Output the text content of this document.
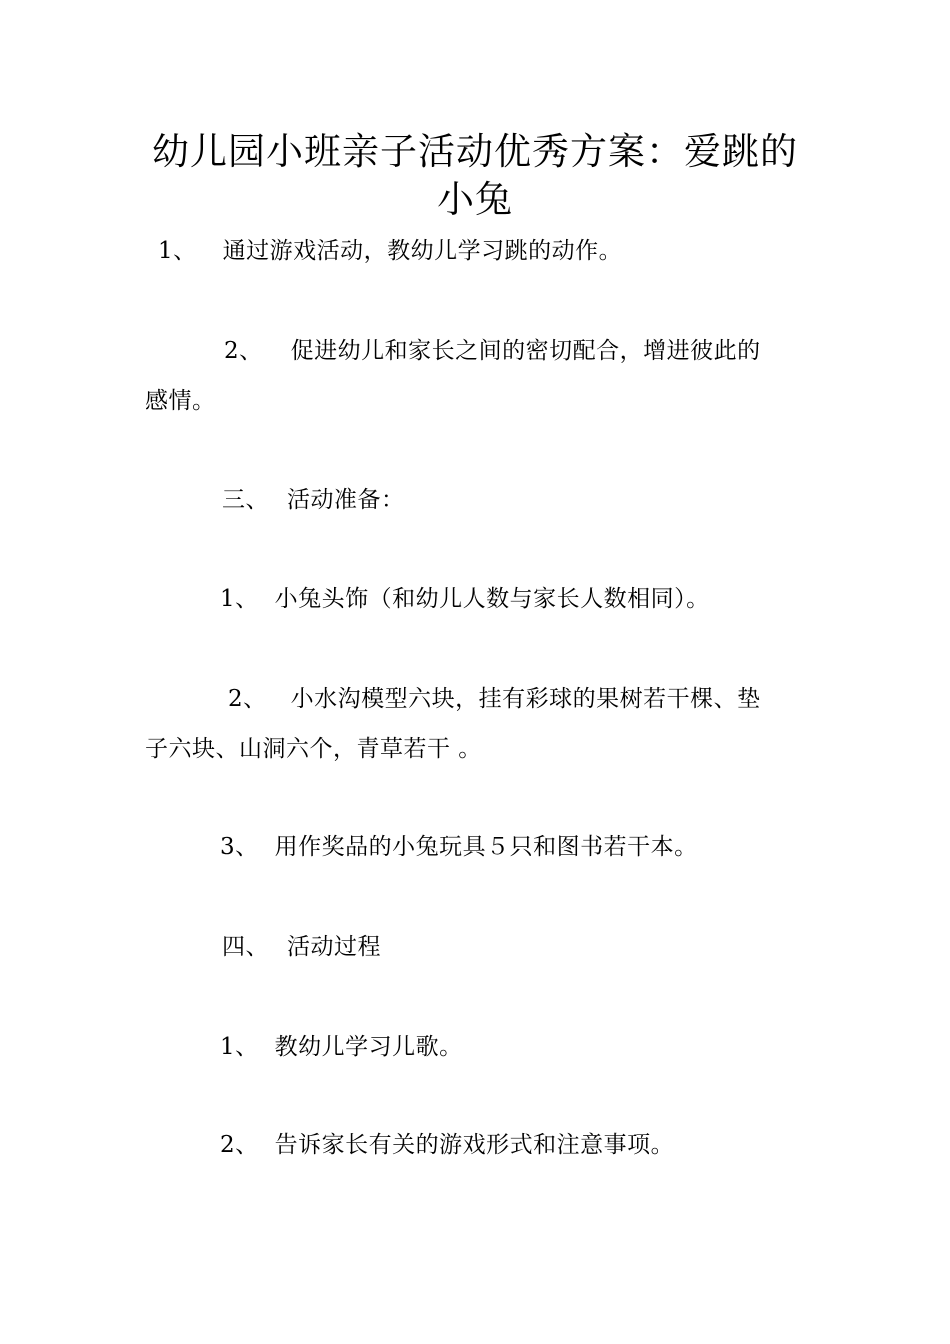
幼儿园小班亲子活动优秀方案：爱跳的
小兔
1、 通过游戏活动，教幼儿学习跳的动作。
2、 促进幼儿和家长之间的密切配合，增进彼此的
感情。
三、 活动准备：
1、 小兔头饰（和幼儿人数与家长人数相同）。
2、 小水沟模型六块，挂有彩球的果树若干棵、垫
子六块、山洞六个，青草若干 。
3、 用作奖品的小兔玩具５只和图书若干本。
四、 活动过程
1、 教幼儿学习儿歌。
2、 告诉家长有关的游戏形式和注意事项。
